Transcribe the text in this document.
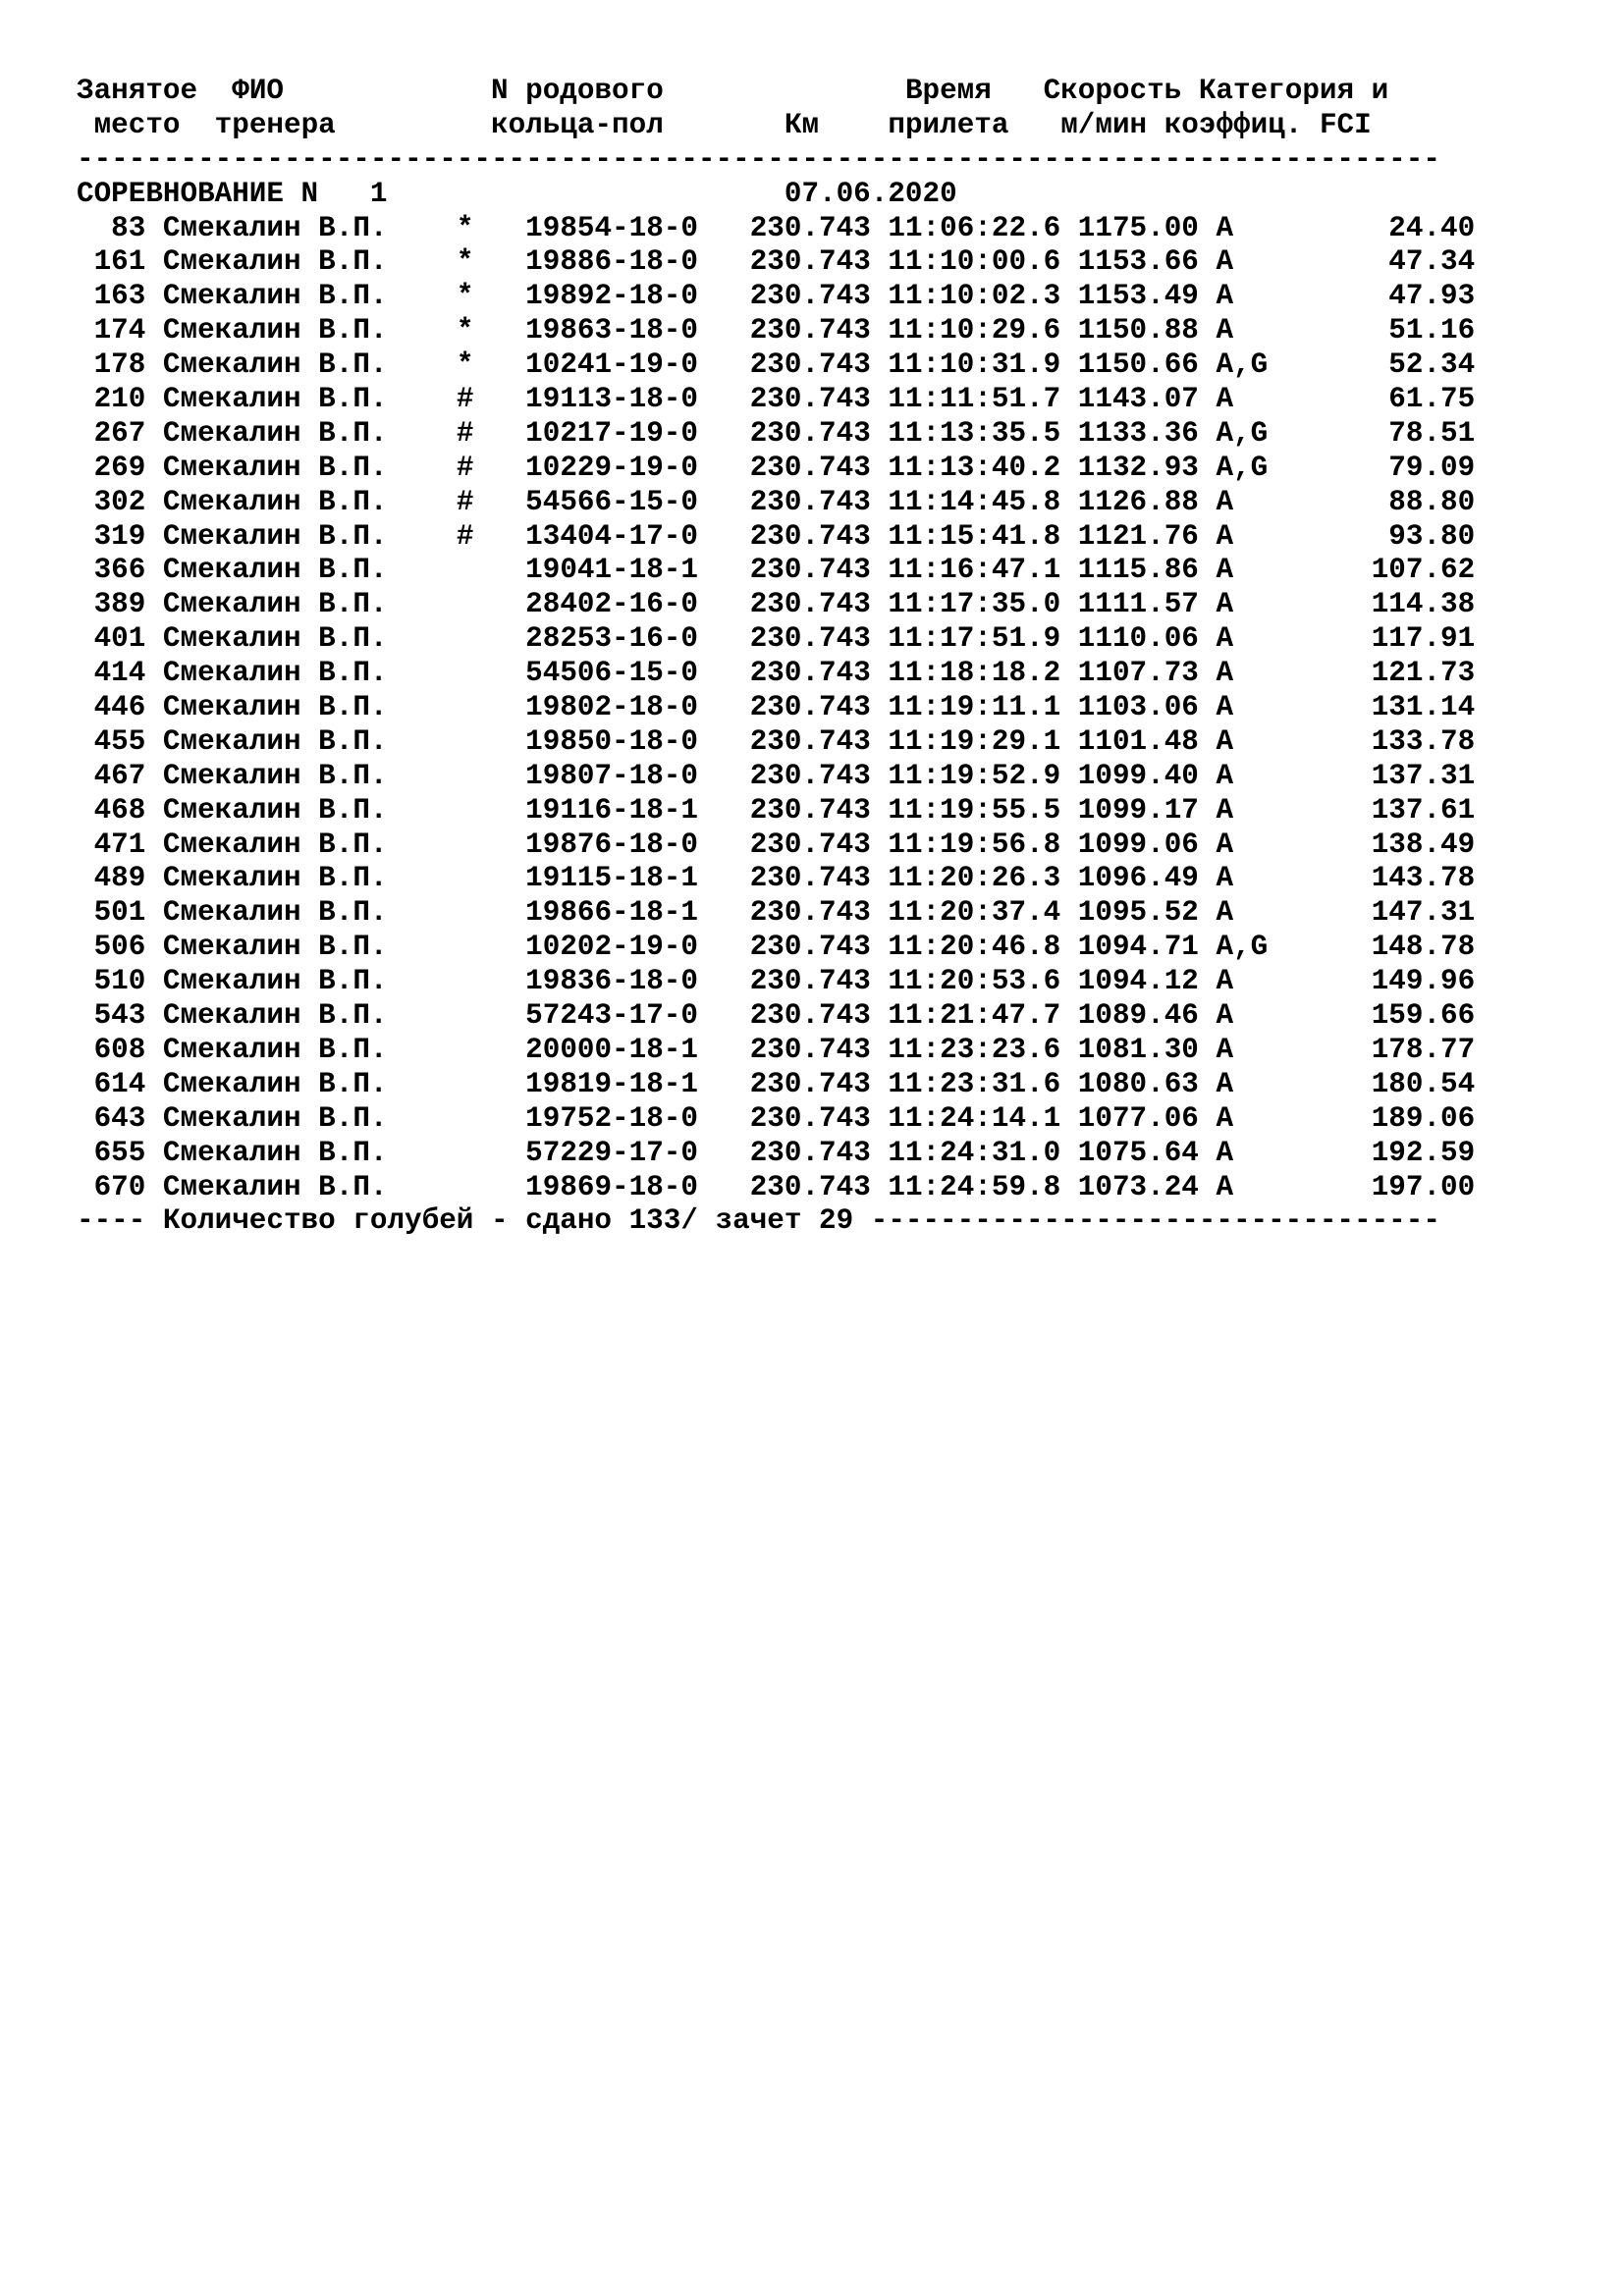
Занятое ФИО	N родового	Время Скорость Категория и
место тренера	кольца-пол	Км прилета м/мин коэффиц. FCI
-------------------------------------------------------------------------------
СОРЕВНОВАНИЕ N 1	07.06.2020
83 Смекалин В.П. * 19854-18-0 230.743 11:06:22.6 1175.00 A	24.40
161 Смекалин В.П. * 19886-18-0 230.743 11:10:00.6 1153.66 A	47.34
163 Смекалин В.П. * 19892-18-0 230.743 11:10:02.3 1153.49 A	47.93
174 Смекалин В.П. * 19863-18-0 230.743 11:10:29.6 1150.88 A	51.16
178 Смекалин В.П. * 10241-19-0 230.743 11:10:31.9 1150.66 A,G	52.34
210 Смекалин В.П. # 19113-18-0 230.743 11:11:51.7 1143.07 A	61.75
267 Смекалин В.П. # 10217-19-0 230.743 11:13:35.5 1133.36 A,G	78.51
269 Смекалин В.П. # 10229-19-0 230.743 11:13:40.2 1132.93 A,G	79.09
302 Смекалин В.П. # 54566-15-0 230.743 11:14:45.8 1126.88 A	88.80
319 Смекалин В.П. # 13404-17-0 230.743 11:15:41.8 1121.76 A	93.80
366 Смекалин В.П.	19041-18-1 230.743 11:16:47.1 1115.86 A	107.62
389 Смекалин В.П.	28402-16-0 230.743 11:17:35.0 1111.57 A	114.38
401 Смекалин В.П.	28253-16-0 230.743 11:17:51.9 1110.06 A	117.91
414 Смекалин В.П.	54506-15-0 230.743 11:18:18.2 1107.73 A	121.73
446 Смекалин В.П.	19802-18-0 230.743 11:19:11.1 1103.06 A	131.14
455 Смекалин В.П.	19850-18-0 230.743 11:19:29.1 1101.48 A	133.78
467 Смекалин В.П.	19807-18-0 230.743 11:19:52.9 1099.40 A	137.31
468 Смекалин В.П.	19116-18-1 230.743 11:19:55.5 1099.17 A	137.61
471 Смекалин В.П.	19876-18-0 230.743 11:19:56.8 1099.06 A	138.49
489 Смекалин В.П.	19115-18-1 230.743 11:20:26.3 1096.49 A	143.78
501 Смекалин В.П.	19866-18-1 230.743 11:20:37.4 1095.52 A	147.31
506 Смекалин В.П.	10202-19-0 230.743 11:20:46.8 1094.71 A,G	148.78
510 Смекалин В.П.	19836-18-0 230.743 11:20:53.6 1094.12 A	149.96
543 Смекалин В.П.	57243-17-0 230.743 11:21:47.7 1089.46 A	159.66
608 Смекалин В.П.	20000-18-1 230.743 11:23:23.6 1081.30 A	178.77
614 Смекалин В.П.	19819-18-1 230.743 11:23:31.6 1080.63 A	180.54
643 Смекалин В.П.	19752-18-0 230.743 11:24:14.1 1077.06 A	189.06
655 Смекалин В.П.	57229-17-0 230.743 11:24:31.0 1075.64 A	192.59
670 Смекалин В.П.	19869-18-0 230.743 11:24:59.8 1073.24 A	197.00
---- Количество голубей - сдано 133/ зачет 29 ---------------------------------
